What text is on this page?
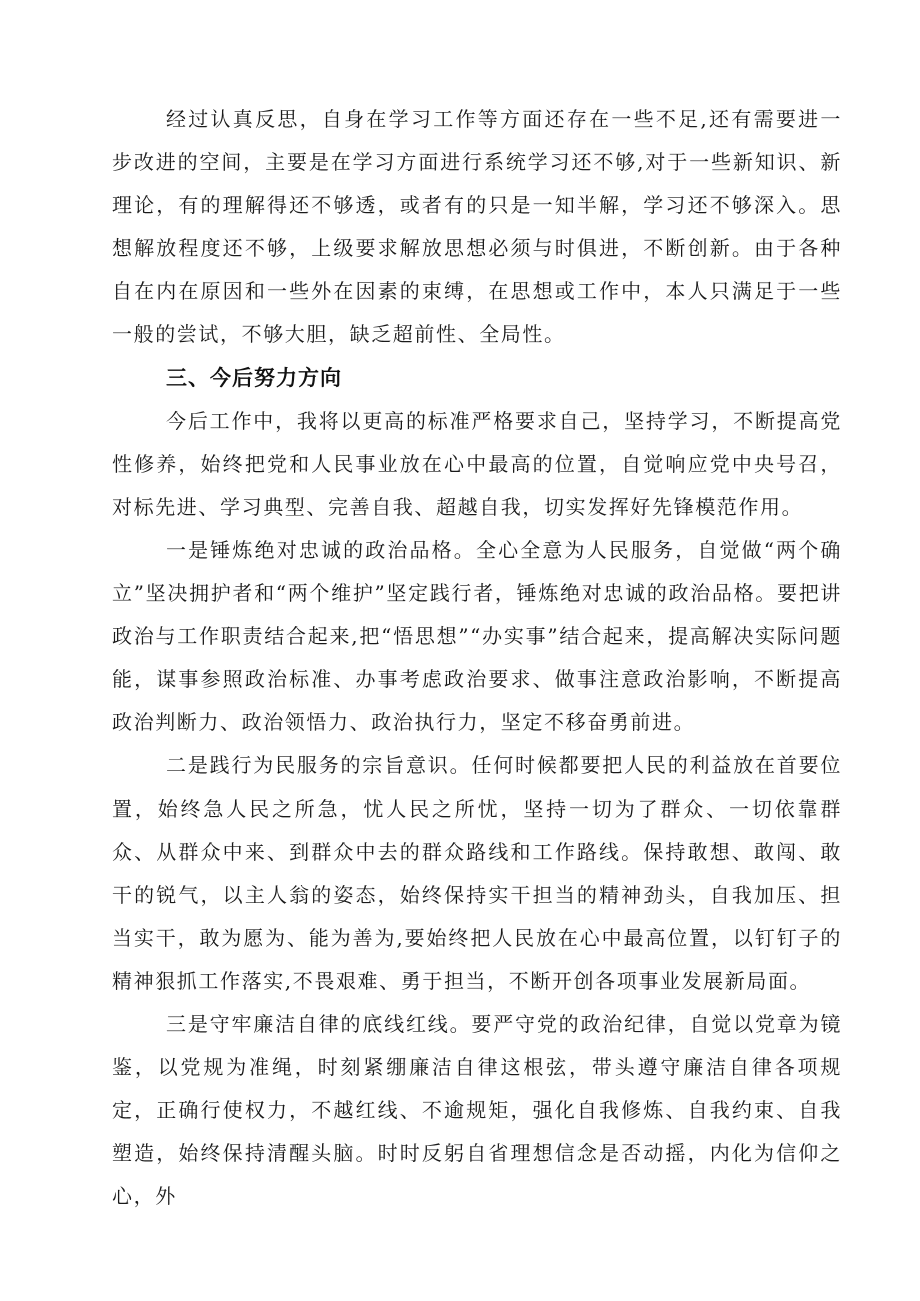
经过认真反思，自身在学习工作等方面还存在一些不足,还有需要进一步改进的空间，主要是在学习方面进行系统学习还不够,对于一些新知识、新理论，有的理解得还不够透，或者有的只是一知半解，学习还不够深入。思想解放程度还不够，上级要求解放思想必须与时俱进，不断创新。由于各种自在内在原因和一些外在因素的束缚，在思想或工作中，本人只满足于一些一般的尝试，不够大胆，缺乏超前性、全局性。

三、今后努力方向

今后工作中，我将以更高的标准严格要求自己，坚持学习，不断提高党性修养，始终把党和人民事业放在心中最高的位置，自觉响应党中央号召，对标先进、学习典型、完善自我、超越自我，切实发挥好先锋模范作用。

一是锤炼绝对忠诚的政治品格。全心全意为人民服务，自觉做“两个确立”坚决拥护者和“两个维护”坚定践行者，锤炼绝对忠诚的政治品格。要把讲政治与工作职责结合起来,把“悟思想”“办实事”结合起来，提高解决实际问题能，谋事参照政治标准、办事考虑政治要求、做事注意政治影响，不断提高政治判断力、政治领悟力、政治执行力，坚定不移奋勇前进。

二是践行为民服务的宗旨意识。任何时候都要把人民的利益放在首要位置，始终急人民之所急，忧人民之所忧，坚持一切为了群众、一切依靠群众、从群众中来、到群众中去的群众路线和工作路线。保持敢想、敢闯、敢干的锐气，以主人翁的姿态，始终保持实干担当的精神劲头，自我加压、担当实干，敢为愿为、能为善为,要始终把人民放在心中最高位置，以钉钉子的精神狠抓工作落实,不畏艰难、勇于担当，不断开创各项事业发展新局面。

三是守牢廉洁自律的底线红线。要严守党的政治纪律，自觉以党章为镜鉴，以党规为准绳，时刻紧绷廉洁自律这根弦，带头遵守廉洁自律各项规定，正确行使权力，不越红线、不逾规矩，强化自我修炼、自我约束、自我塑造，始终保持清醒头脑。时时反躬自省理想信念是否动摇，内化为信仰之心，外
